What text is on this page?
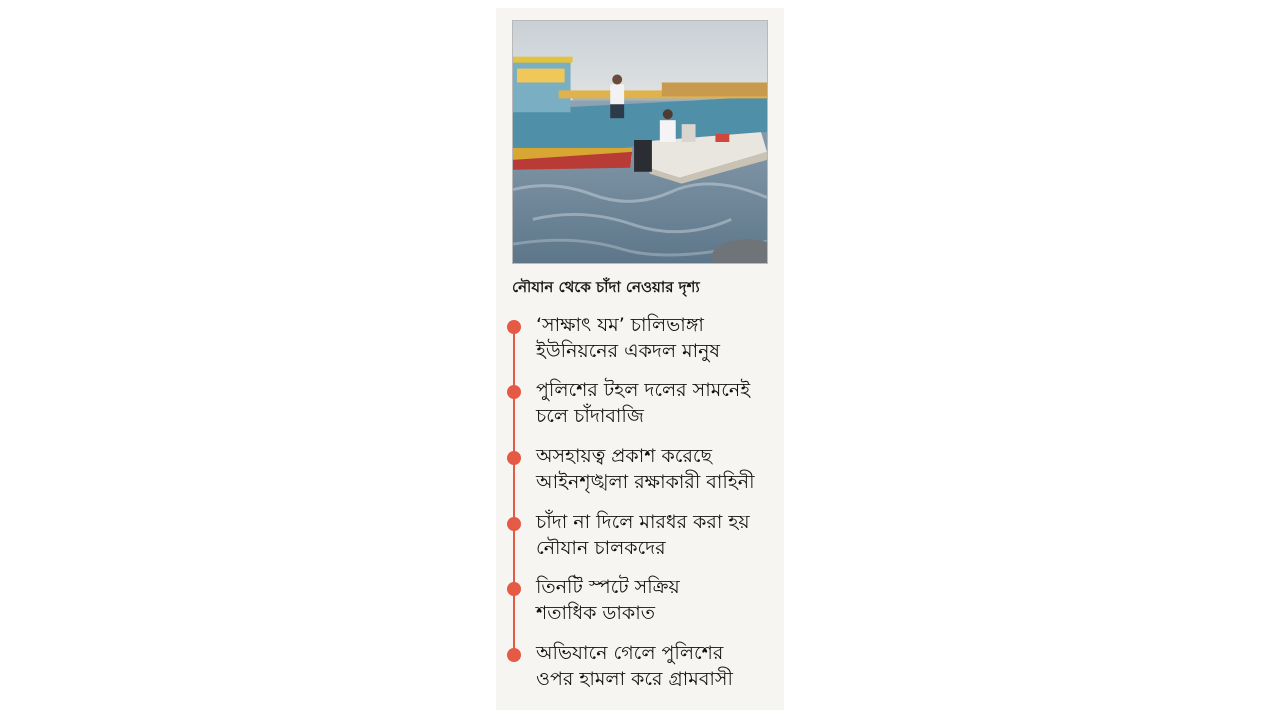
নৌযান থেকে চাঁদা নেওয়ার দৃশ্য
‘সাক্ষাৎ যম’ চালিভাঙ্গা
ইউনিয়নের একদল মানুষ
পুলিশের টহল দলের সামনেই
চলে চাঁদাবাজি
অসহায়ত্ব প্রকাশ করেছে
আইনশৃঙ্খলা রক্ষাকারী বাহিনী
চাঁদা না দিলে মারধর করা হয়
নৌযান চালকদের
তিনটি স্পটে সক্রিয়
শতাধিক ডাকাত
অভিযানে গেলে পুলিশের
ওপর হামলা করে গ্রামবাসী
